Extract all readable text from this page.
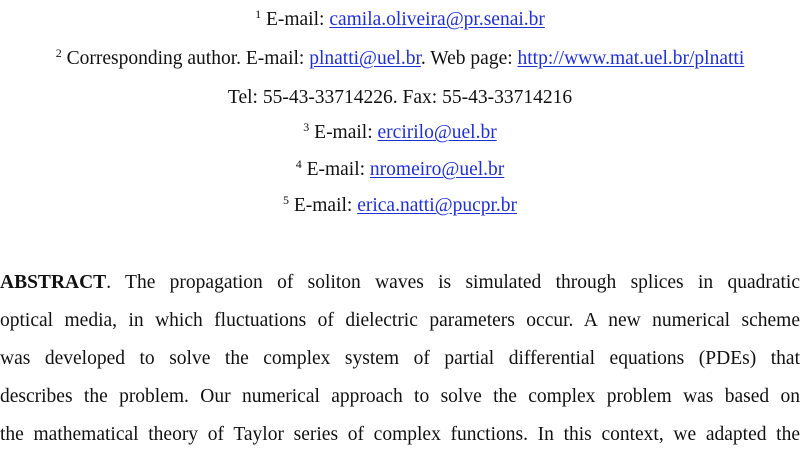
$^1$ E-mail: camila.oliveira@pr.senai.br
$^2$ Corresponding author. E-mail: plnatti@uel.br. Web page: http://www.mat.uel.br/plnatti
Tel: 55-43-33714226. Fax: 55-43-33714216
$^3$ E-mail: ercirilo@uel.br
$^4$ E-mail: nromeiro@uel.br
$^5$ E-mail: erica.natti@pucpr.br
ABSTRACT. The propagation of soliton waves is simulated through splices in quadratic
optical media, in which fluctuations of dielectric parameters occur. A new numerical scheme
was developed to solve the complex system of partial differential equations (PDEs) that
describes the problem. Our numerical approach to solve the complex problem was based on
the mathematical theory of Taylor series of complex functions. In this context, we adapted the
